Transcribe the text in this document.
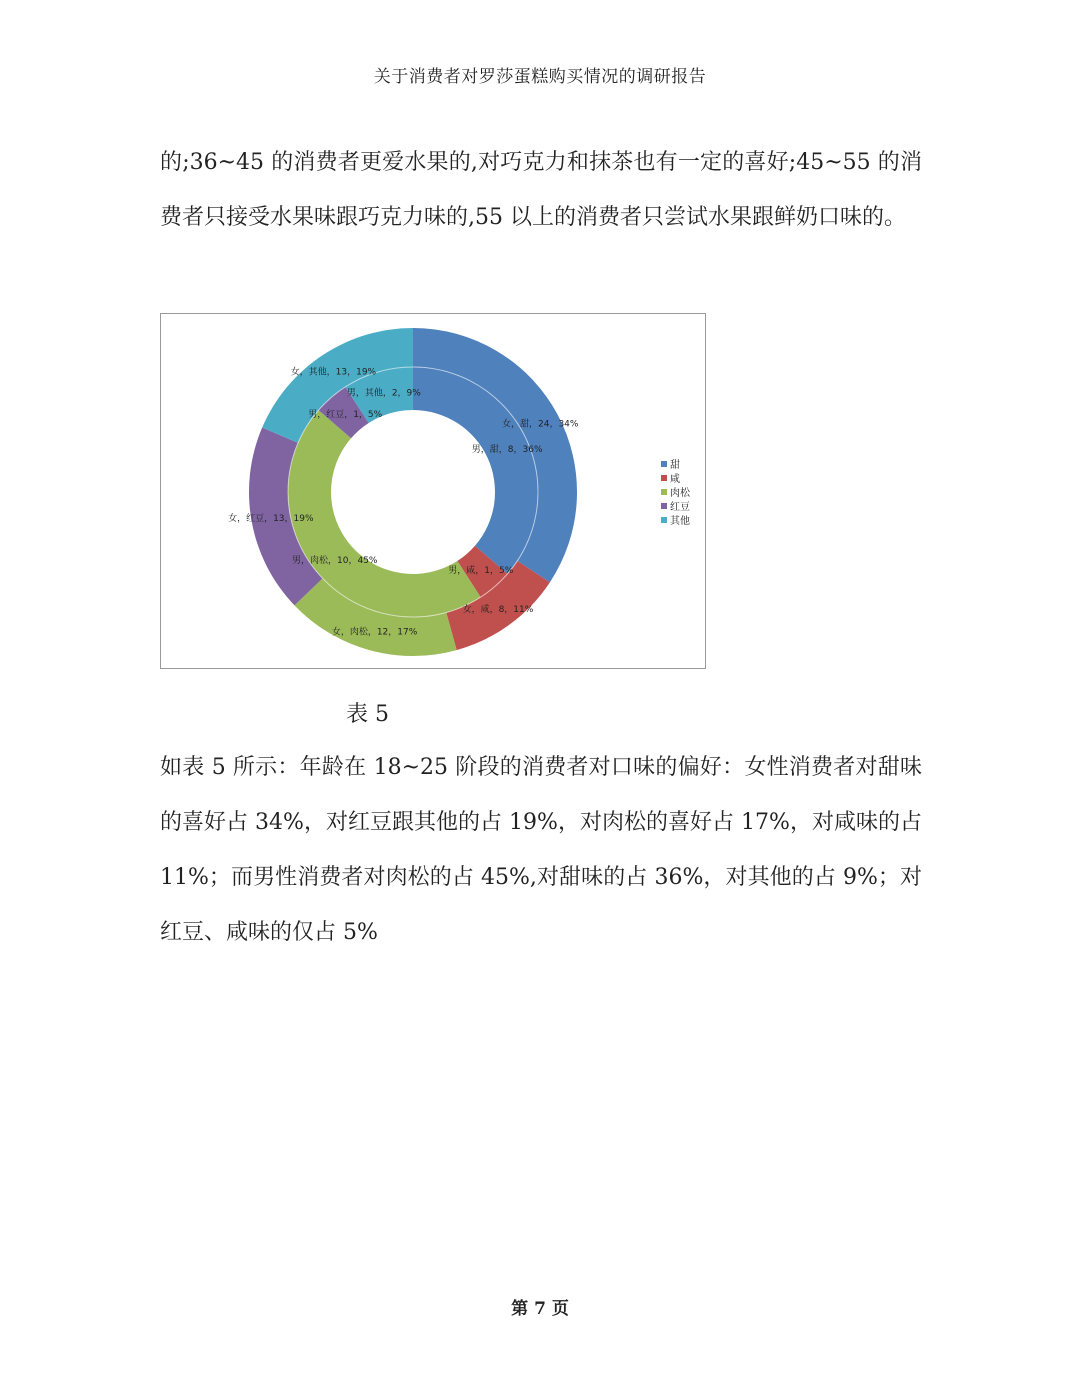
关于消费者对罗莎蛋糕购买情况的调研报告

的;36~45 的消费者更爱水果的,对巧克力和抹茶也有一定的喜好;45~55 的消费者只接受水果味跟巧克力味的,55 以上的消费者只尝试水果跟鲜奶口味的。

女，甜，24，34%
女，咸，8，11%
女，肉松，12，17%
女，红豆，13，19%
女，其他，13，19%
男，甜，8，36%
男，咸，1，5%
男，肉松，10，45%
男，红豆，1，5%
男，其他，2，9%
甜
咸
肉松
红豆
其他
表 5

如表 5 所示：年龄在 18~25 阶段的消费者对口味的偏好：女性消费者对甜味的喜好占 34%，对红豆跟其他的占 19%，对肉松的喜好占 17%，对咸味的占 11%；而男性消费者对肉松的占 45%,对甜味的占 36%，对其他的占 9%；对红豆、咸味的仅占 5%

第 7 页
